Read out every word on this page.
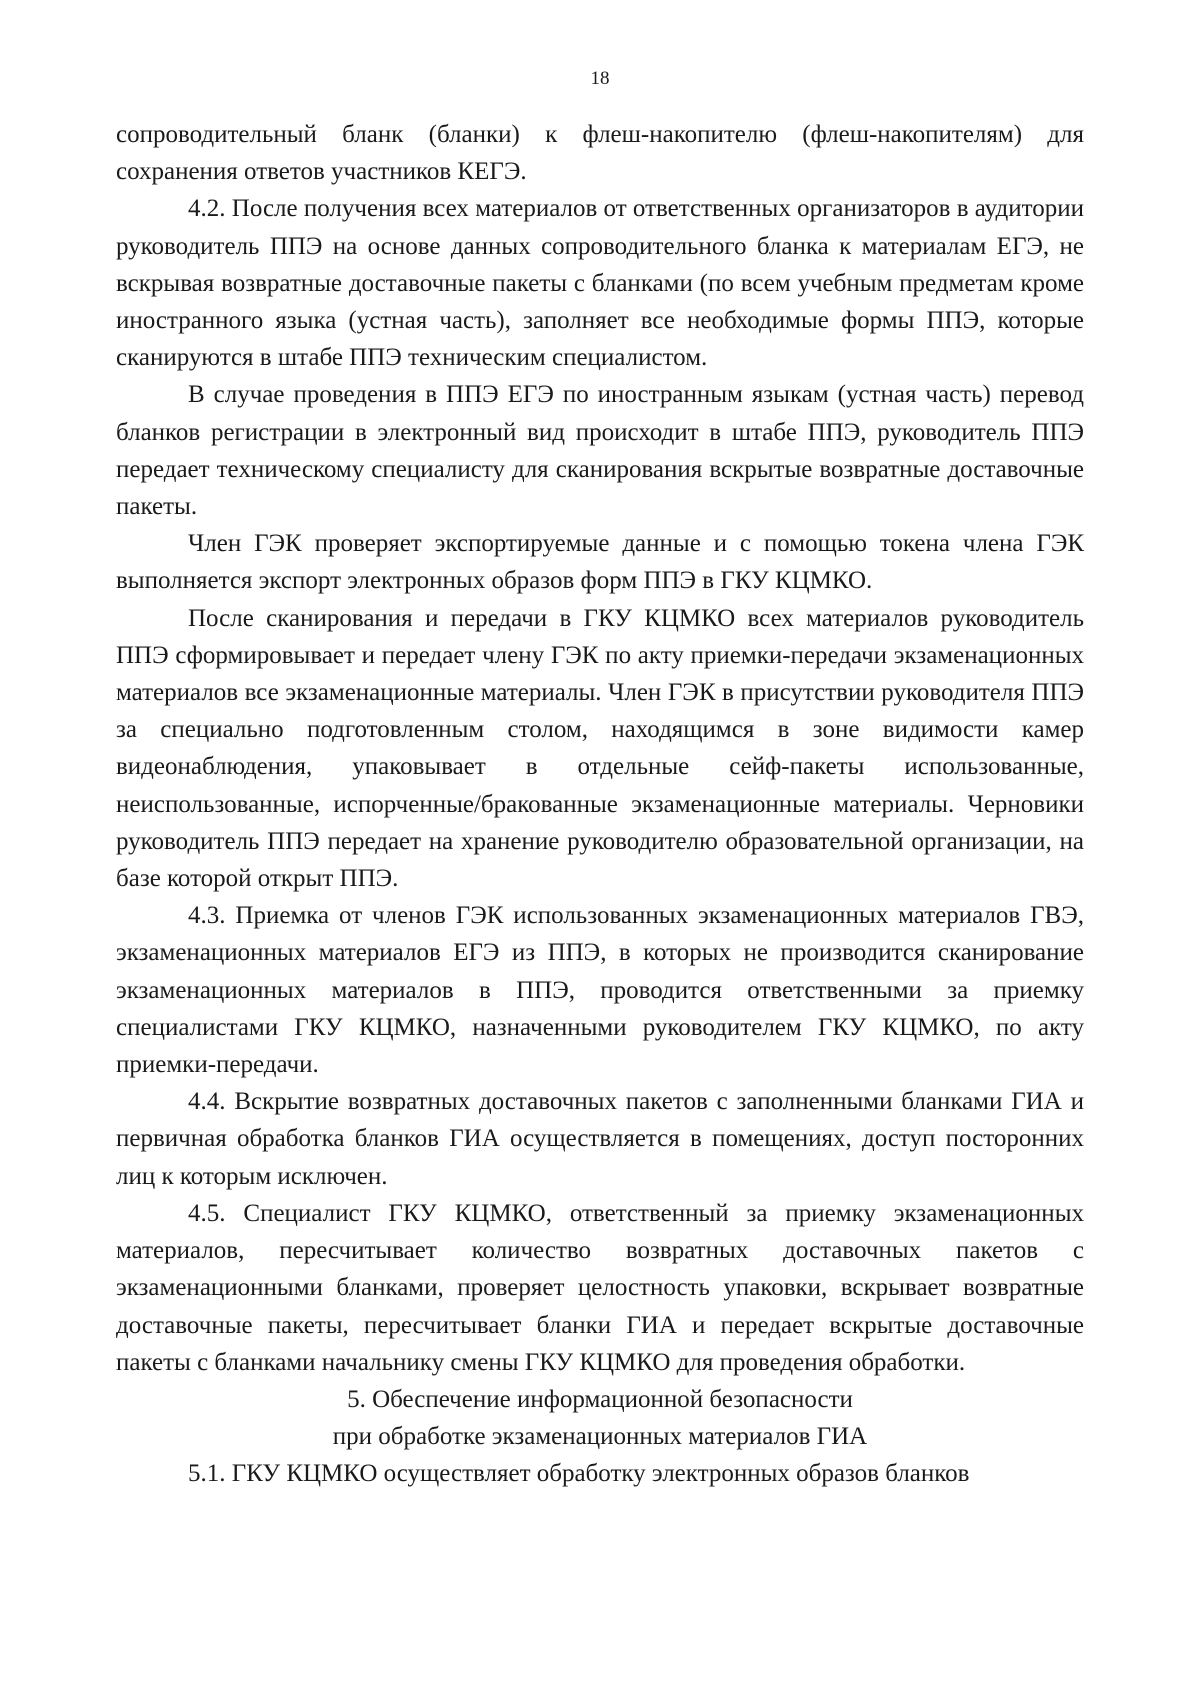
18

сопроводительный бланк (бланки) к флеш-накопителю (флеш-накопителям) для сохранения ответов участников КЕГЭ.

4.2. После получения всех материалов от ответственных организаторов в аудитории руководитель ППЭ на основе данных сопроводительного бланка к материалам ЕГЭ, не вскрывая возвратные доставочные пакеты с бланками (по всем учебным предметам кроме иностранного языка (устная часть), заполняет все необходимые формы ППЭ, которые сканируются в штабе ППЭ техническим специалистом.

В случае проведения в ППЭ ЕГЭ по иностранным языкам (устная часть) перевод бланков регистрации в электронный вид происходит в штабе ППЭ, руководитель ППЭ передает техническому специалисту для сканирования вскрытые возвратные доставочные пакеты.

Член ГЭК проверяет экспортируемые данные и с помощью токена члена ГЭК выполняется экспорт электронных образов форм ППЭ в ГКУ КЦМКО.

После сканирования и передачи в ГКУ КЦМКО всех материалов руководитель ППЭ сформировывает и передает члену ГЭК по акту приемки-передачи экзаменационных материалов все экзаменационные материалы. Член ГЭК в присутствии руководителя ППЭ за специально подготовленным столом, находящимся в зоне видимости камер видеонаблюдения, упаковывает в отдельные сейф-пакеты использованные, неиспользованные, испорченные/бракованные экзаменационные материалы. Черновики руководитель ППЭ передает на хранение руководителю образовательной организации, на базе которой открыт ППЭ.

4.3. Приемка от членов ГЭК использованных экзаменационных материалов ГВЭ, экзаменационных материалов ЕГЭ из ППЭ, в которых не производится сканирование экзаменационных материалов в ППЭ, проводится ответственными за приемку специалистами ГКУ КЦМКО, назначенными руководителем ГКУ КЦМКО, по акту приемки-передачи.

4.4. Вскрытие возвратных доставочных пакетов с заполненными бланками ГИА и первичная обработка бланков ГИА осуществляется в помещениях, доступ посторонних лиц к которым исключен.

4.5. Специалист ГКУ КЦМКО, ответственный за приемку экзаменационных материалов, пересчитывает количество возвратных доставочных пакетов с экзаменационными бланками, проверяет целостность упаковки, вскрывает возвратные доставочные пакеты, пересчитывает бланки ГИА и передает вскрытые доставочные пакеты с бланками начальнику смены ГКУ КЦМКО для проведения обработки.

5. Обеспечение информационной безопасности

при обработке экзаменационных материалов ГИА

5.1. ГКУ КЦМКО осуществляет обработку электронных образов бланков
